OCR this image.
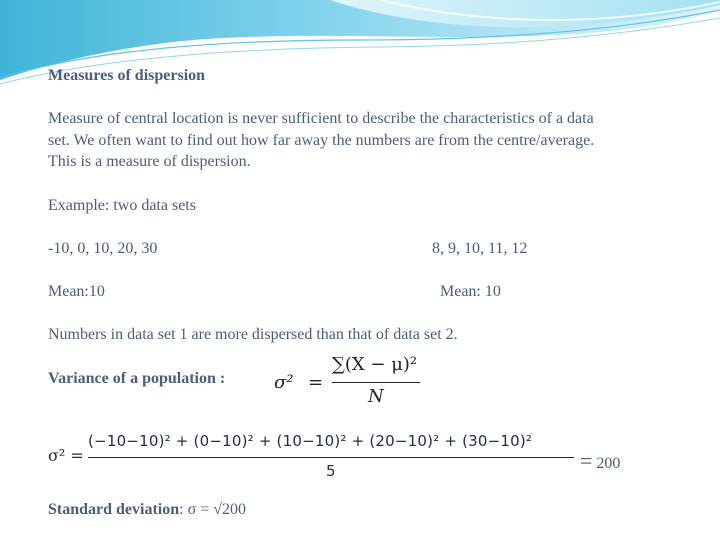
Measures of dispersion
Measure of central location is never sufficient to describe the characteristics of a data
set. We often want to find out how far away the numbers are from the centre/average.
This is a measure of dispersion.
Example: two data sets
-10, 0, 10, 20, 30	8, 9, 10, 11, 12
Mean:10	Mean: 10
Numbers in data set 1 are more dispersed than that of data set 2.
Variance of a population :	σ² =
∑(X − μ)²
N
σ² =
(−10−10)² + (0−10)² + (10−10)² + (20−10)² + (30−10)²
5	= 200
Standard deviation: σ = √200
